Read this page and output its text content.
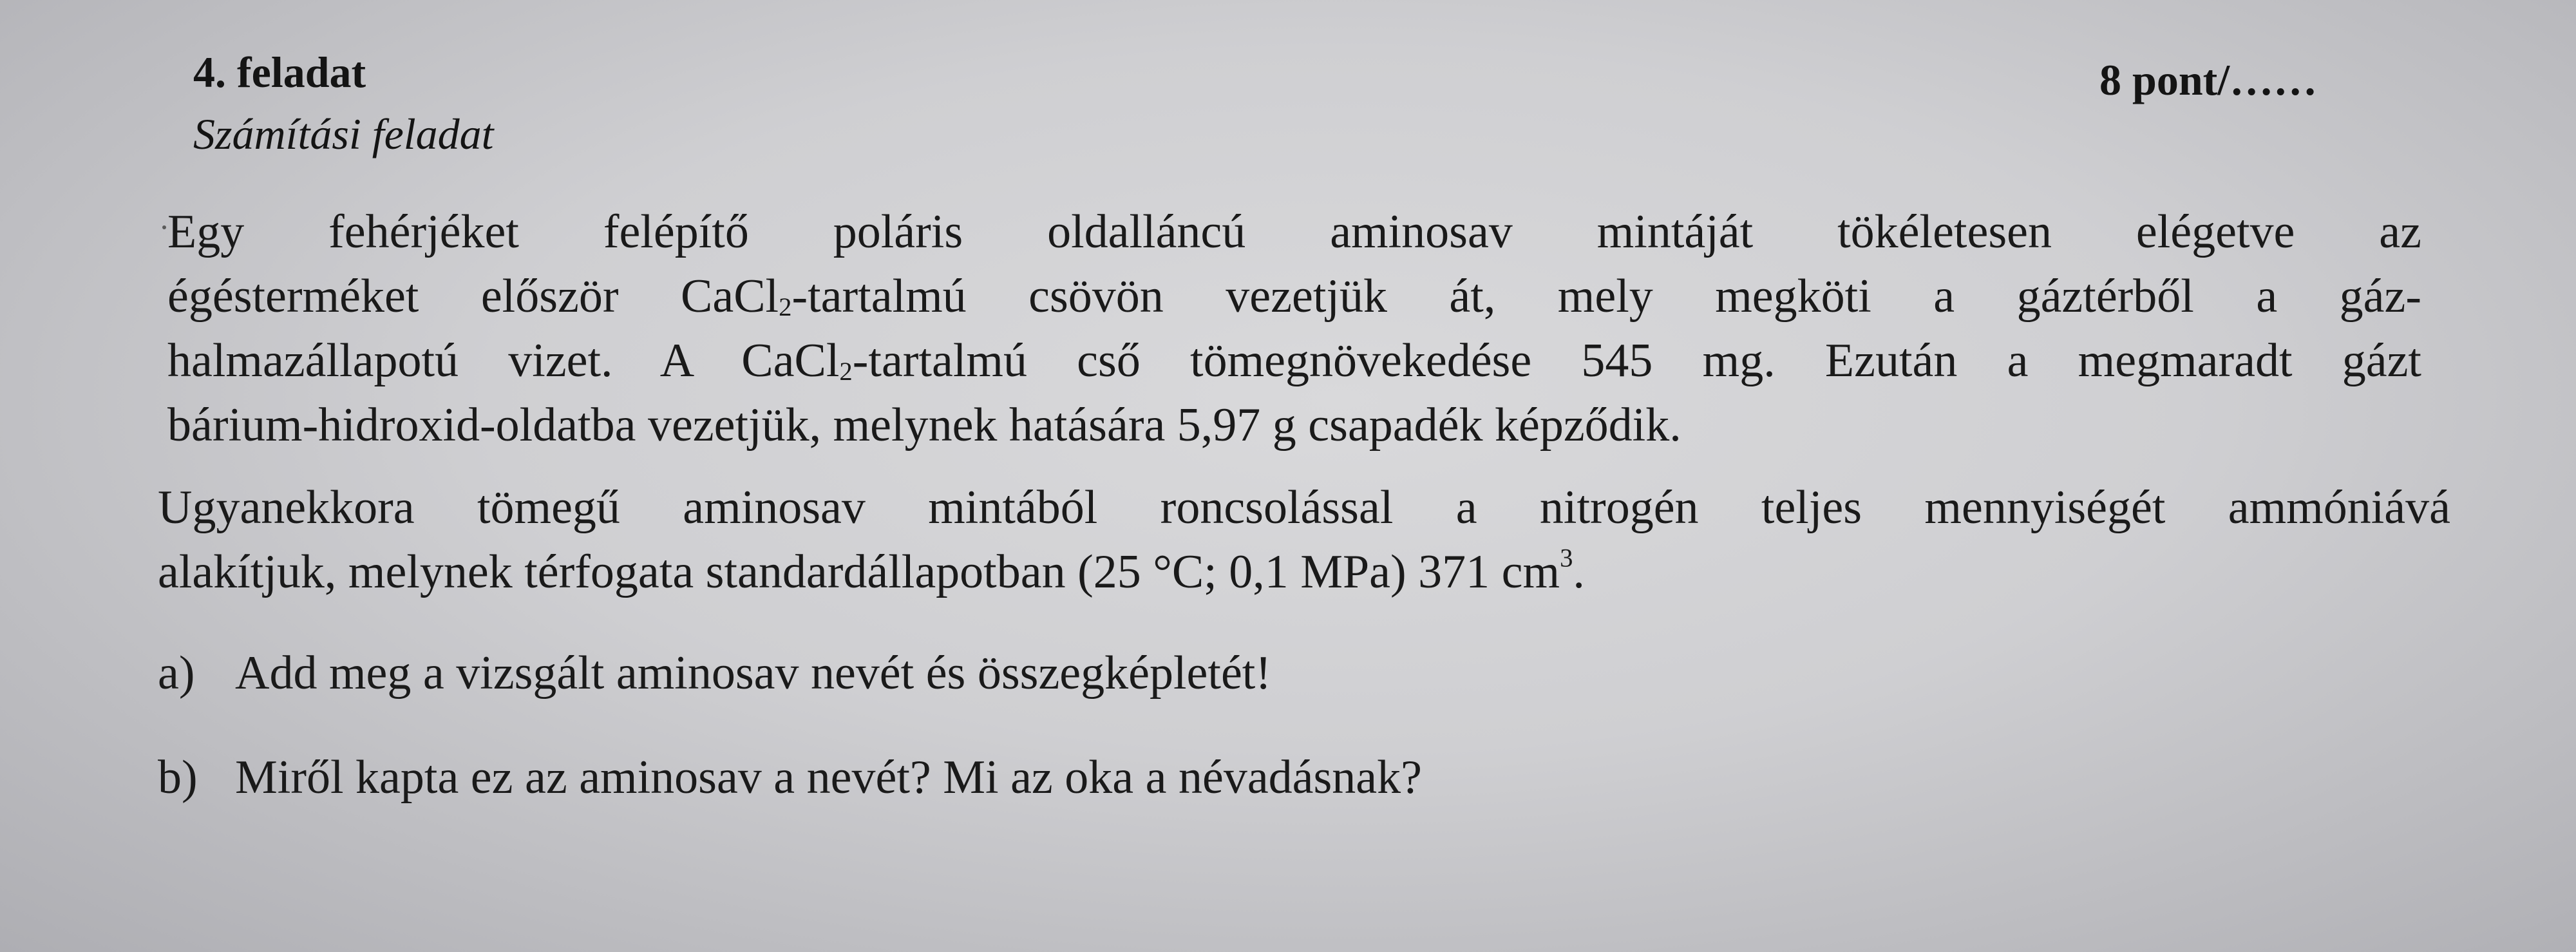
4. feladat	8 pont/……
Számítási feladat
Egy fehérjéket felépítő poláris oldalláncú aminosav mintáját tökéletesen elégetve az
égésterméket először CaCl$_2$-tartalmú csövön vezetjük át, mely megköti a gáztérből a gáz-
halmazállapotú vizet. A CaCl$_2$-tartalmú cső tömegnövekedése 545 mg. Ezután a megmaradt gázt
bárium-hidroxid-oldatba vezetjük, melynek hatására 5,97 g csapadék képződik.
Ugyanekkora tömegű aminosav mintából roncsolással a nitrogén teljes mennyiségét ammóniává
alakítjuk, melynek térfogata standardállapotban (25 °C; 0,1 MPa) 371 $cm^3$.
a) Add meg a vizsgált aminosav nevét és összegképletét!
b) Miről kapta ez az aminosav a nevét? Mi az oka a névadásnak?
